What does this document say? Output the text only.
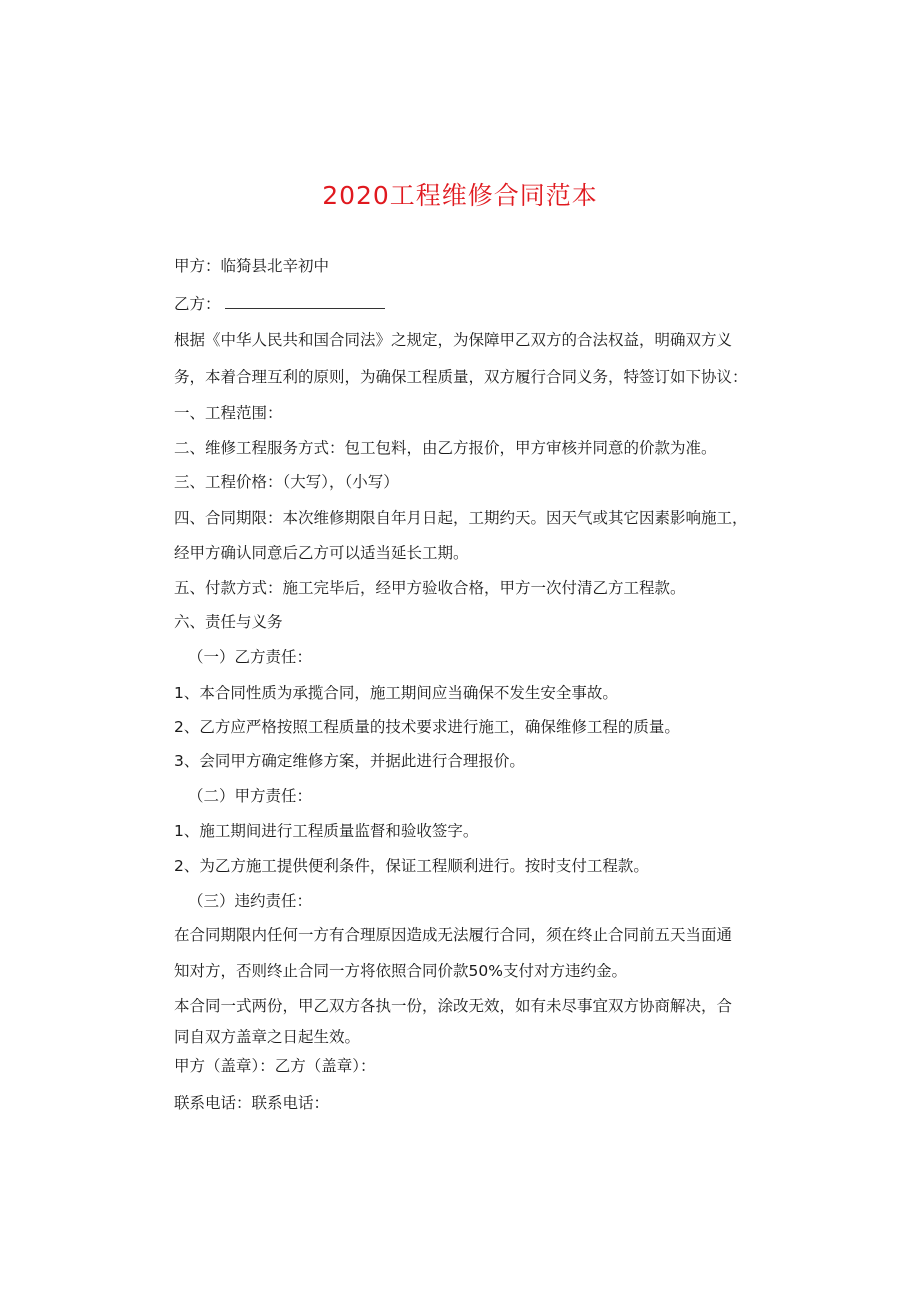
2020工程维修合同范本
甲方：临猗县北辛初中
乙方：
根据《中华人民共和国合同法》之规定，为保障甲乙双方的合法权益，明确双方义
务，本着合理互利的原则，为确保工程质量，双方履行合同义务，特签订如下协议：
一、工程范围：
二、维修工程服务方式：包工包料，由乙方报价，甲方审核并同意的价款为准。
三、工程价格：（大写），（小写）
四、合同期限：本次维修期限自年月日起，工期约天。因天气或其它因素影响施工，
经甲方确认同意后乙方可以适当延长工期。
五、付款方式：施工完毕后，经甲方验收合格，甲方一次付清乙方工程款。
六、责任与义务
（一）乙方责任：
1、本合同性质为承揽合同，施工期间应当确保不发生安全事故。
2、乙方应严格按照工程质量的技术要求进行施工，确保维修工程的质量。
3、会同甲方确定维修方案，并据此进行合理报价。
（二）甲方责任：
1、施工期间进行工程质量监督和验收签字。
2、为乙方施工提供便利条件，保证工程顺利进行。按时支付工程款。
（三）违约责任：
在合同期限内任何一方有合理原因造成无法履行合同，须在终止合同前五天当面通
知对方，否则终止合同一方将依照合同价款50%支付对方违约金。
本合同一式两份，甲乙双方各执一份，涂改无效，如有未尽事宜双方协商解决，合
同自双方盖章之日起生效。
甲方（盖章）：乙方（盖章）：
联系电话：联系电话：
